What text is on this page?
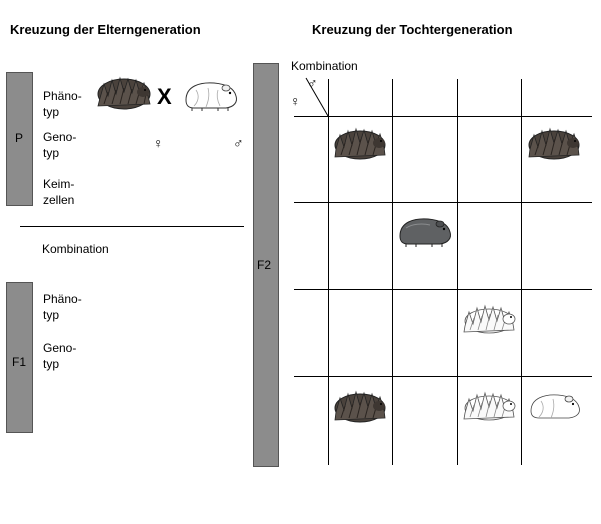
Kreuzung der Elterngeneration
P
Phäno-
typ
X
Geno-
typ
♀	♂
Keim-
zellen
Kombination
F1
Phäno-
typ
Geno-
typ
Kreuzung der Tochtergeneration
F2
Kombination
♂
♀
